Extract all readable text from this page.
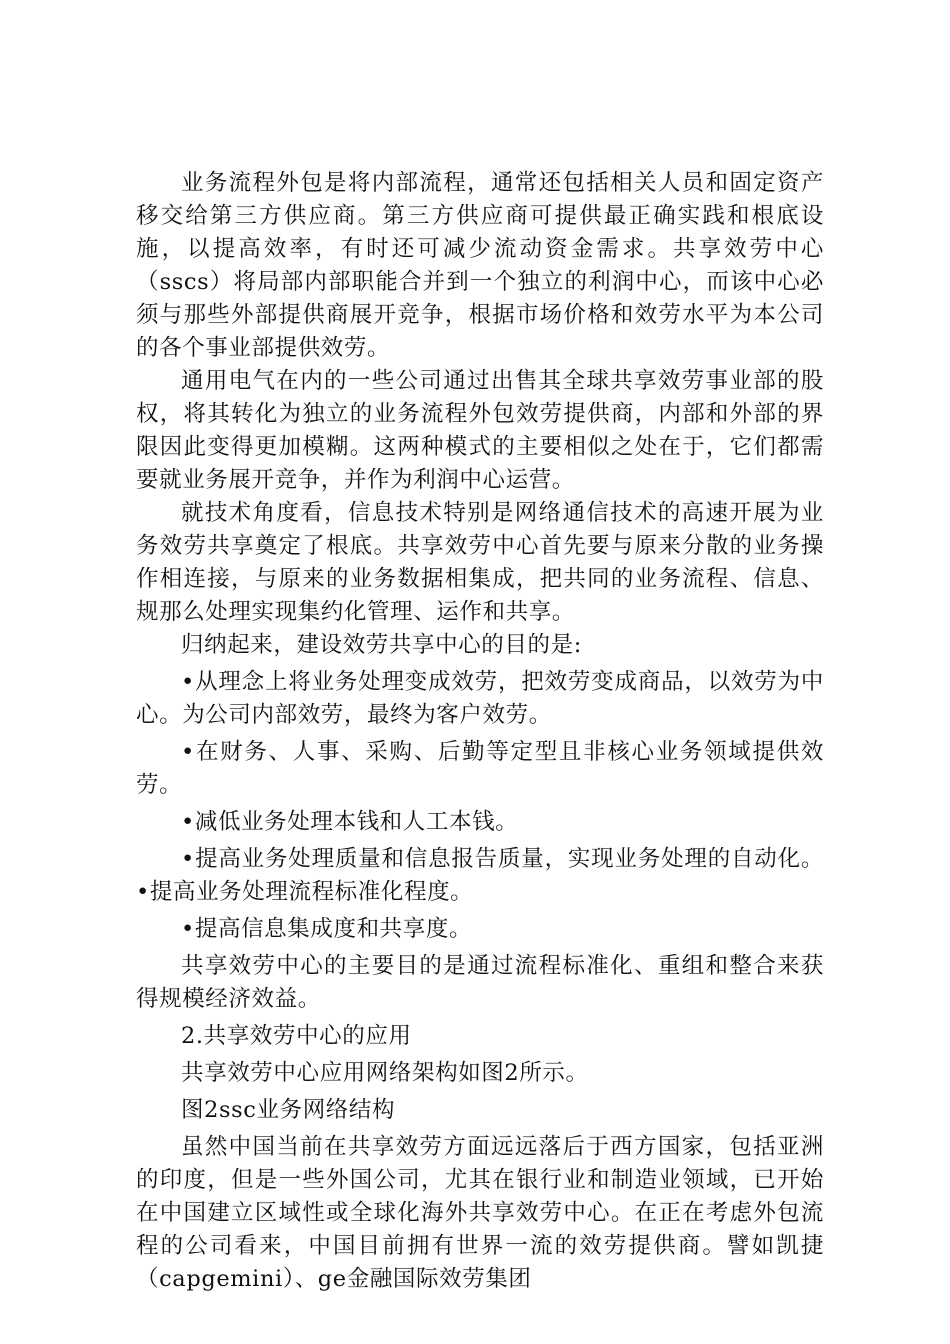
业务流程外包是将内部流程，通常还包括相关人员和固定资产移交给第三方供应商。第三方供应商可提供最正确实践和根底设施，以提高效率，有时还可减少流动资金需求。共享效劳中心（sscs）将局部内部职能合并到一个独立的利润中心，而该中心必须与那些外部提供商展开竞争，根据市场价格和效劳水平为本公司的各个事业部提供效劳。

通用电气在内的一些公司通过出售其全球共享效劳事业部的股权，将其转化为独立的业务流程外包效劳提供商，内部和外部的界限因此变得更加模糊。这两种模式的主要相似之处在于，它们都需要就业务展开竞争，并作为利润中心运营。

就技术角度看，信息技术特别是网络通信技术的高速开展为业务效劳共享奠定了根底。共享效劳中心首先要与原来分散的业务操作相连接，与原来的业务数据相集成，把共同的业务流程、信息、规那么处理实现集约化管理、运作和共享。

归纳起来，建设效劳共享中心的目的是:

•从理念上将业务处理变成效劳，把效劳变成商品，以效劳为中心。为公司内部效劳，最终为客户效劳。

•在财务、人事、采购、后勤等定型且非核心业务领域提供效劳。

•减低业务处理本钱和人工本钱。

•提高业务处理质量和信息报告质量，实现业务处理的自动化。•提高业务处理流程标准化程度。

•提高信息集成度和共享度。

共享效劳中心的主要目的是通过流程标准化、重组和整合来获得规模经济效益。

2.共享效劳中心的应用

共享效劳中心应用网络架构如图2所示。

图2ssc业务网络结构

虽然中国当前在共享效劳方面远远落后于西方国家，包括亚洲的印度，但是一些外国公司，尤其在银行业和制造业领域，已开始在中国建立区域性或全球化海外共享效劳中心。在正在考虑外包流程的公司看来，中国目前拥有世界一流的效劳提供商。譬如凯捷（capgemini）、ge金融国际效劳集团
